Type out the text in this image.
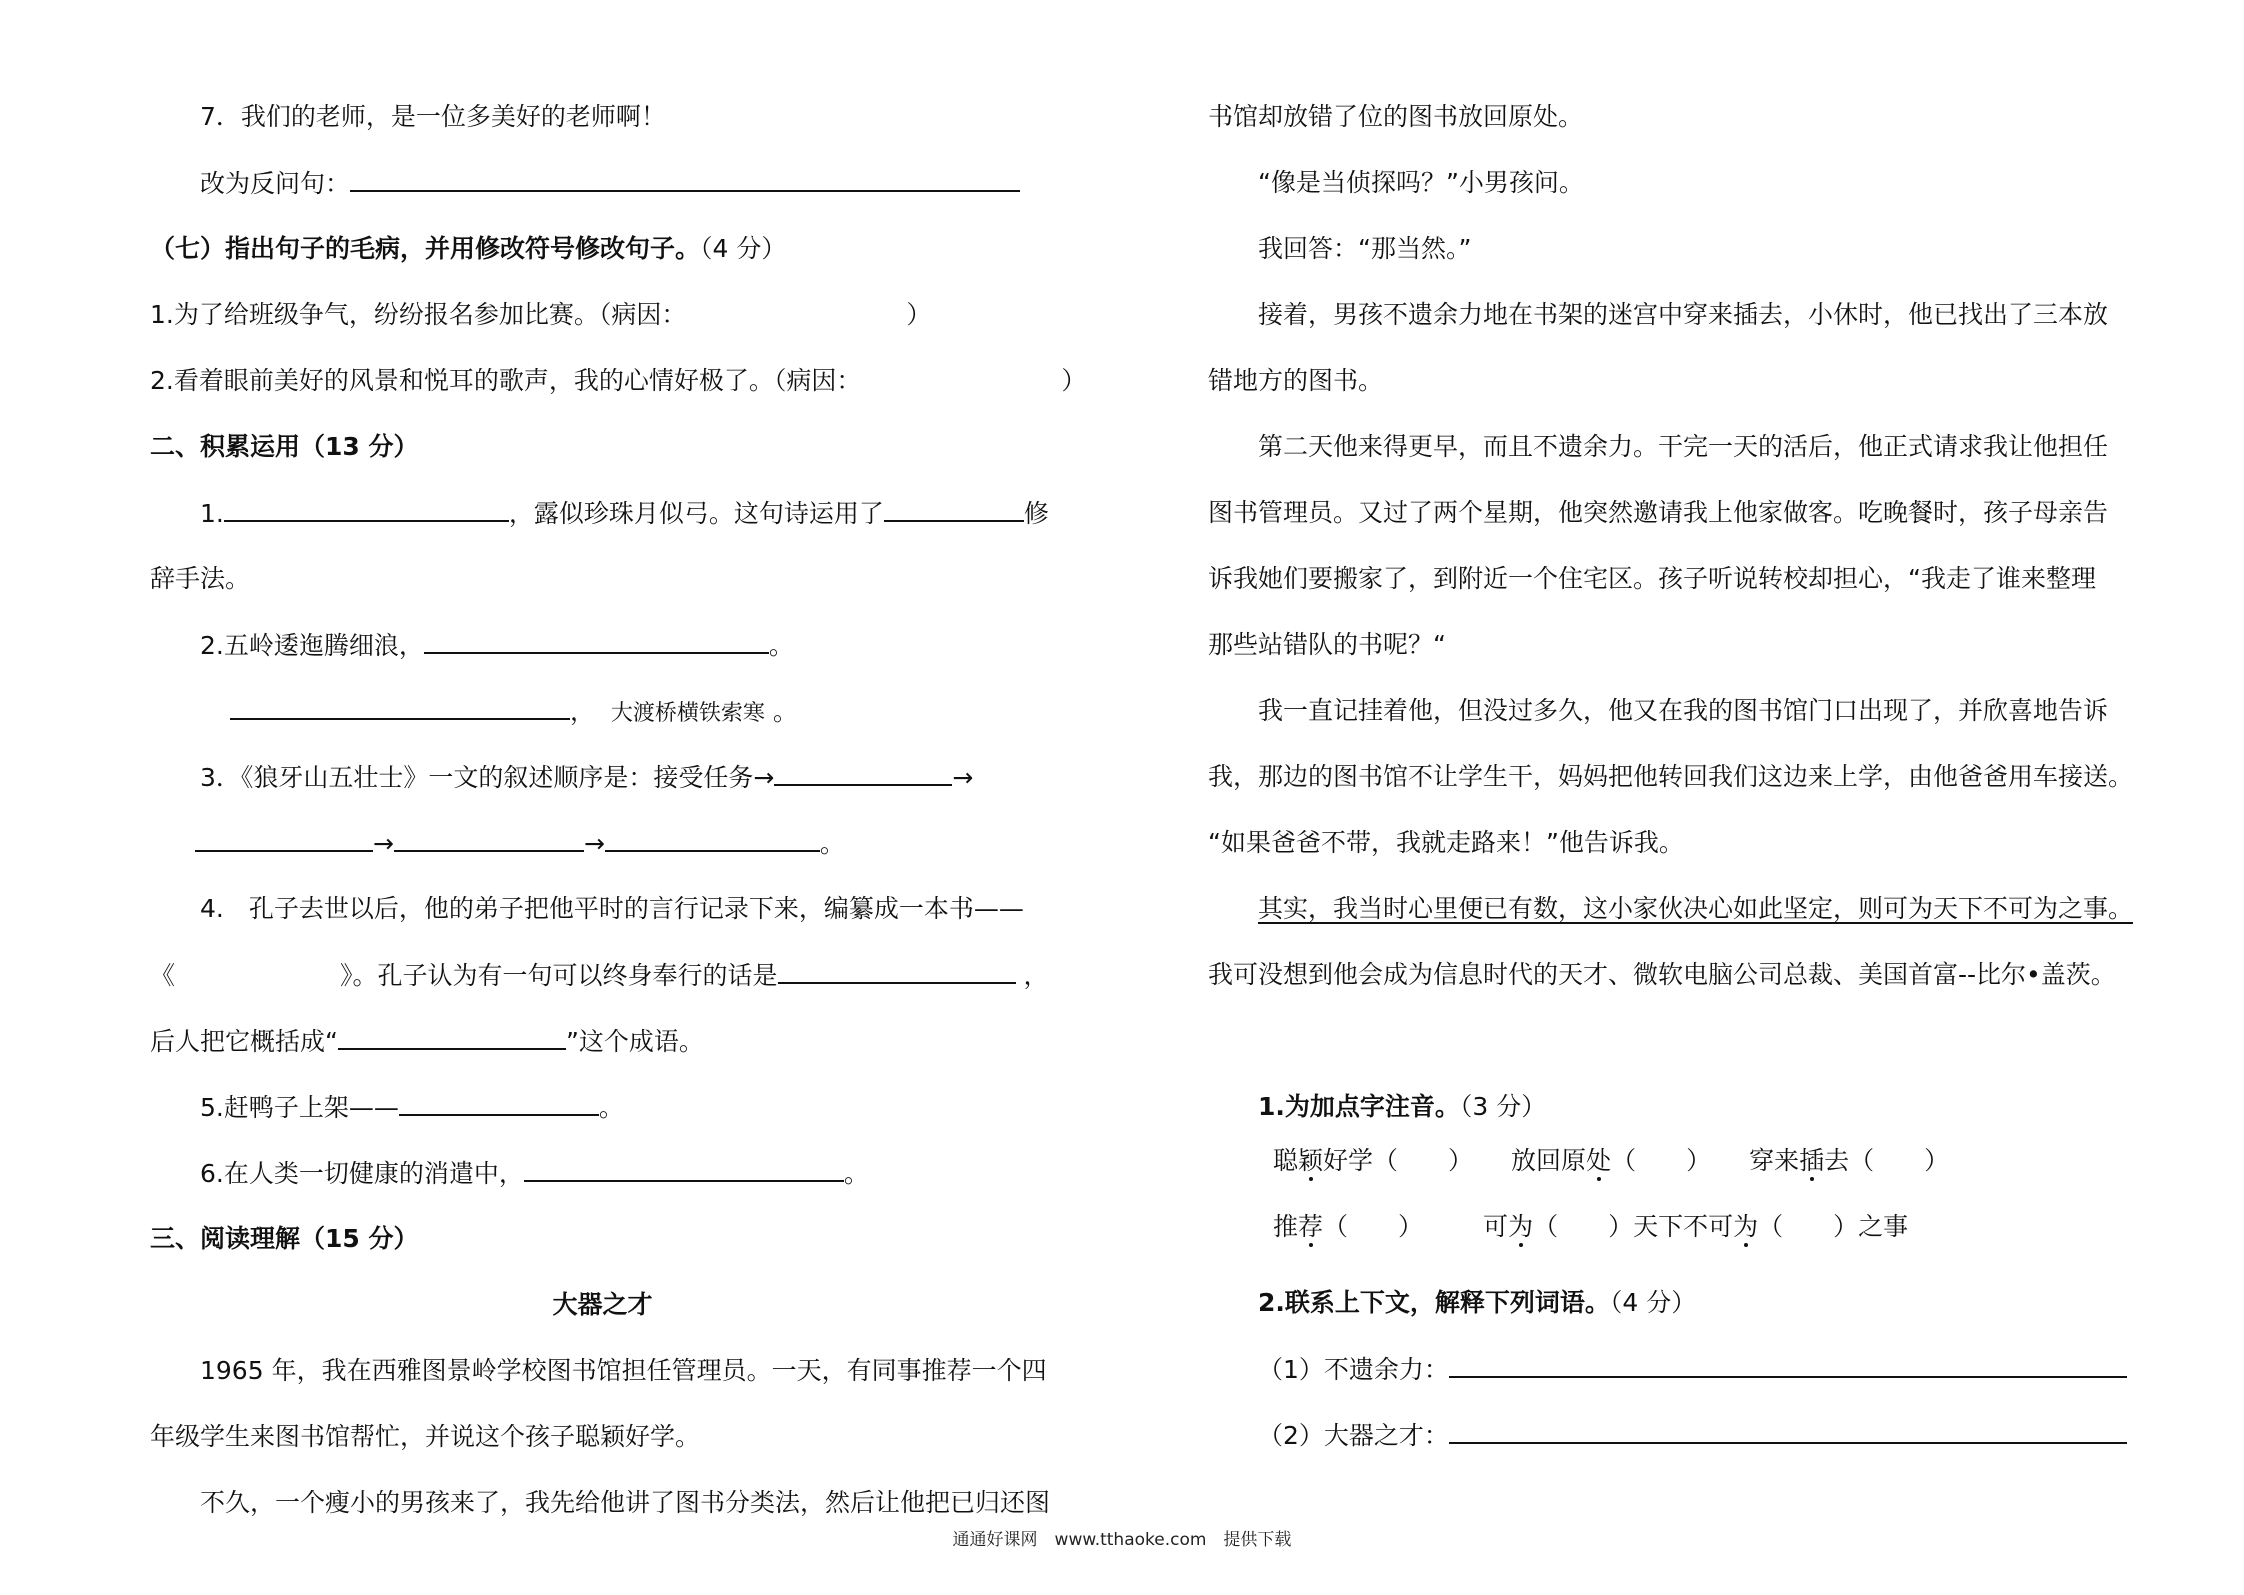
7．我们的老师，是一位多美好的老师啊！
改为反问句：
（七）指出句子的毛病，并用修改符号修改句子。（4 分）
1.为了给班级争气，纷纷报名参加比赛。（病因：	）
2.看着眼前美好的风景和悦耳的歌声，我的心情好极了。（病因：	）
二、积累运用（13 分）
1.	，露似珍珠月似弓。这句诗运用了	修
辞手法。
2.五岭逶迤腾细浪，	。
， 大渡桥横铁索寒 。
3．《狼牙山五壮士》一文的叙述顺序是：接受任务→	→
→	→	。
4.　孔子去世以后，他的弟子把他平时的言行记录下来，编纂成一本书——
《	》。孔子认为有一句可以终身奉行的话是	，
后人把它概括成“	”这个成语。
5.赶鸭子上架——	。
6.在人类一切健康的消遣中，	。
三、阅读理解（15 分）
大器之才
1965 年，我在西雅图景岭学校图书馆担任管理员。一天，有同事推荐一个四
年级学生来图书馆帮忙，并说这个孩子聪颖好学。
不久，一个瘦小的男孩来了，我先给他讲了图书分类法，然后让他把已归还图
书馆却放错了位的图书放回原处。
“像是当侦探吗？”小男孩问。
我回答：“那当然。”
接着，男孩不遗余力地在书架的迷宫中穿来插去，小休时，他已找出了三本放
错地方的图书。
第二天他来得更早，而且不遗余力。干完一天的活后，他正式请求我让他担任
图书管理员。又过了两个星期，他突然邀请我上他家做客。吃晚餐时，孩子母亲告
诉我她们要搬家了，到附近一个住宅区。孩子听说转校却担心，“我走了谁来整理
那些站错队的书呢？“
我一直记挂着他，但没过多久，他又在我的图书馆门口出现了，并欣喜地告诉
我，那边的图书馆不让学生干，妈妈把他转回我们这边来上学，由他爸爸用车接送。
“如果爸爸不带，我就走路来！”他告诉我。
其实，我当时心里便已有数，这小家伙决心如此坚定，则可为天下不可为之事。
我可没想到他会成为信息时代的天才、微软电脑公司总裁、美国首富--比尔•盖茨。
1.为加点字注音。（3 分）
聪颖好学（　　） 放回原处（　　） 穿来插去（　　）
推荐（　　） 可为（　　）天下不可为（　　）之事
2.联系上下文，解释下列词语。（4 分）
（1）不遗余力：
（2）大器之才：
通通好课网　www.tthaoke.com　提供下载
